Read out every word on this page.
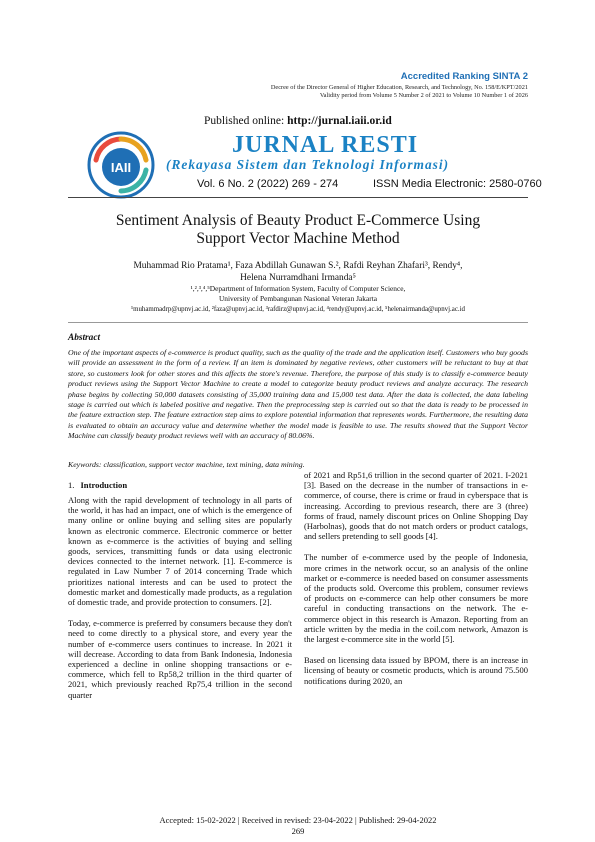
Accredited Ranking SINTA 2
Decree of the Director General of Higher Education, Research, and Technology, No. 158/E/KPT/2021
Validity period from Volume 5 Number 2 of 2021 to Volume 10 Number 1 of 2026
Published online: http://jurnal.iaii.or.id
IAII
JURNAL RESTI
(Rekayasa Sistem dan Teknologi Informasi)
Vol. 6 No. 2 (2022) 269 - 274	ISSN Media Electronic: 2580-0760
Sentiment Analysis of Beauty Product E-Commerce Using
Support Vector Machine Method
Muhammad Rio Pratama¹, Faza Abdillah Gunawan S.², Rafdi Reyhan Zhafari³, Rendy⁴,
Helena Nurramdhani Irmanda⁵
¹,²,³,⁴,⁵Department of Information System, Faculty of Computer Science,
University of Pembangunan Nasional Veteran Jakarta
¹muhammadrp@upnvj.ac.id, ²faza@upnvj.ac.id, ³rafdirz@upnvj.ac.id, ⁴rendy@upnvj.ac.id, ⁵helenairmanda@upnvj.ac.id
Abstract
One of the important aspects of e-commerce is product quality, such as the quality of the trade and the application itself. Customers who buy goods will provide an assessment in the form of a review. If an item is dominated by negative reviews, other customers will be reluctant to buy at that store, so customers look for other stores and this affects the store's revenue. Therefore, the purpose of this study is to classify e-commerce beauty product reviews using the Support Vector Machine to create a model to categorize beauty product reviews and analyze accuracy. The research phase begins by collecting 50,000 datasets consisting of 35,000 training data and 15,000 test data. After the data is collected, the data labeling stage is carried out which is labeled positive and negative. Then the preprocessing step is carried out so that the data is ready to be processed in the feature extraction step. The feature extraction step aims to explore potential information that represents words. Furthermore, the resulting data is evaluated to obtain an accuracy value and determine whether the model made is feasible to use. The results showed that the Support Vector Machine can classify beauty product reviews well with an accuracy of 80.06%.
Keywords: classification, support vector machine, text mining, data mining.
1. Introduction

Along with the rapid development of technology in all parts of the world, it has had an impact, one of which is the emergence of many online or online buying and selling sites are popularly known as electronic commerce. Electronic commerce or better known as e-commerce is the activities of buying and selling goods, services, transmitting funds or data using electronic devices connected to the internet network. [1]. E-commerce is regulated in Law Number 7 of 2014 concerning Trade which prioritizes national interests and can be used to protect the domestic market and domestically made products, as a regulation of domestic trade, and provide protection to consumers. [2].

Today, e-commerce is preferred by consumers because they don't need to come directly to a physical store, and every year the number of e-commerce users continues to increase. In 2021 it will decrease. According to data from Bank Indonesia, Indonesia experienced a decline in online shopping transactions or e-commerce, which fell to Rp58,2 trillion in the third quarter of 2021, which previously reached Rp75,4 trillion in the second quarter

of 2021 and Rp51,6 trillion in the second quarter of 2021. I-2021 [3]. Based on the decrease in the number of transactions in e-commerce, of course, there is crime or fraud in cyberspace that is increasing. According to previous research, there are 3 (three) forms of fraud, namely discount prices on Online Shopping Day (Harbolnas), goods that do not match orders or product catalogs, and sellers pretending to sell goods [4].

The number of e-commerce used by the people of Indonesia, more crimes in the network occur, so an analysis of the online market or e-commerce is needed based on consumer assessments of the products sold. Overcome this problem, consumer reviews of products on e-commerce can help other consumers be more careful in conducting transactions on the network. The e-commerce object in this research is Amazon. Reporting from an article written by the media in the coil.com network, Amazon is the largest e-commerce site in the world [5].

Based on licensing data issued by BPOM, there is an increase in licensing of beauty or cosmetic products, which is around 75.500 notifications during 2020, an

Accepted: 15-02-2022 | Received in revised: 23-04-2022 | Published: 29-04-2022
269
